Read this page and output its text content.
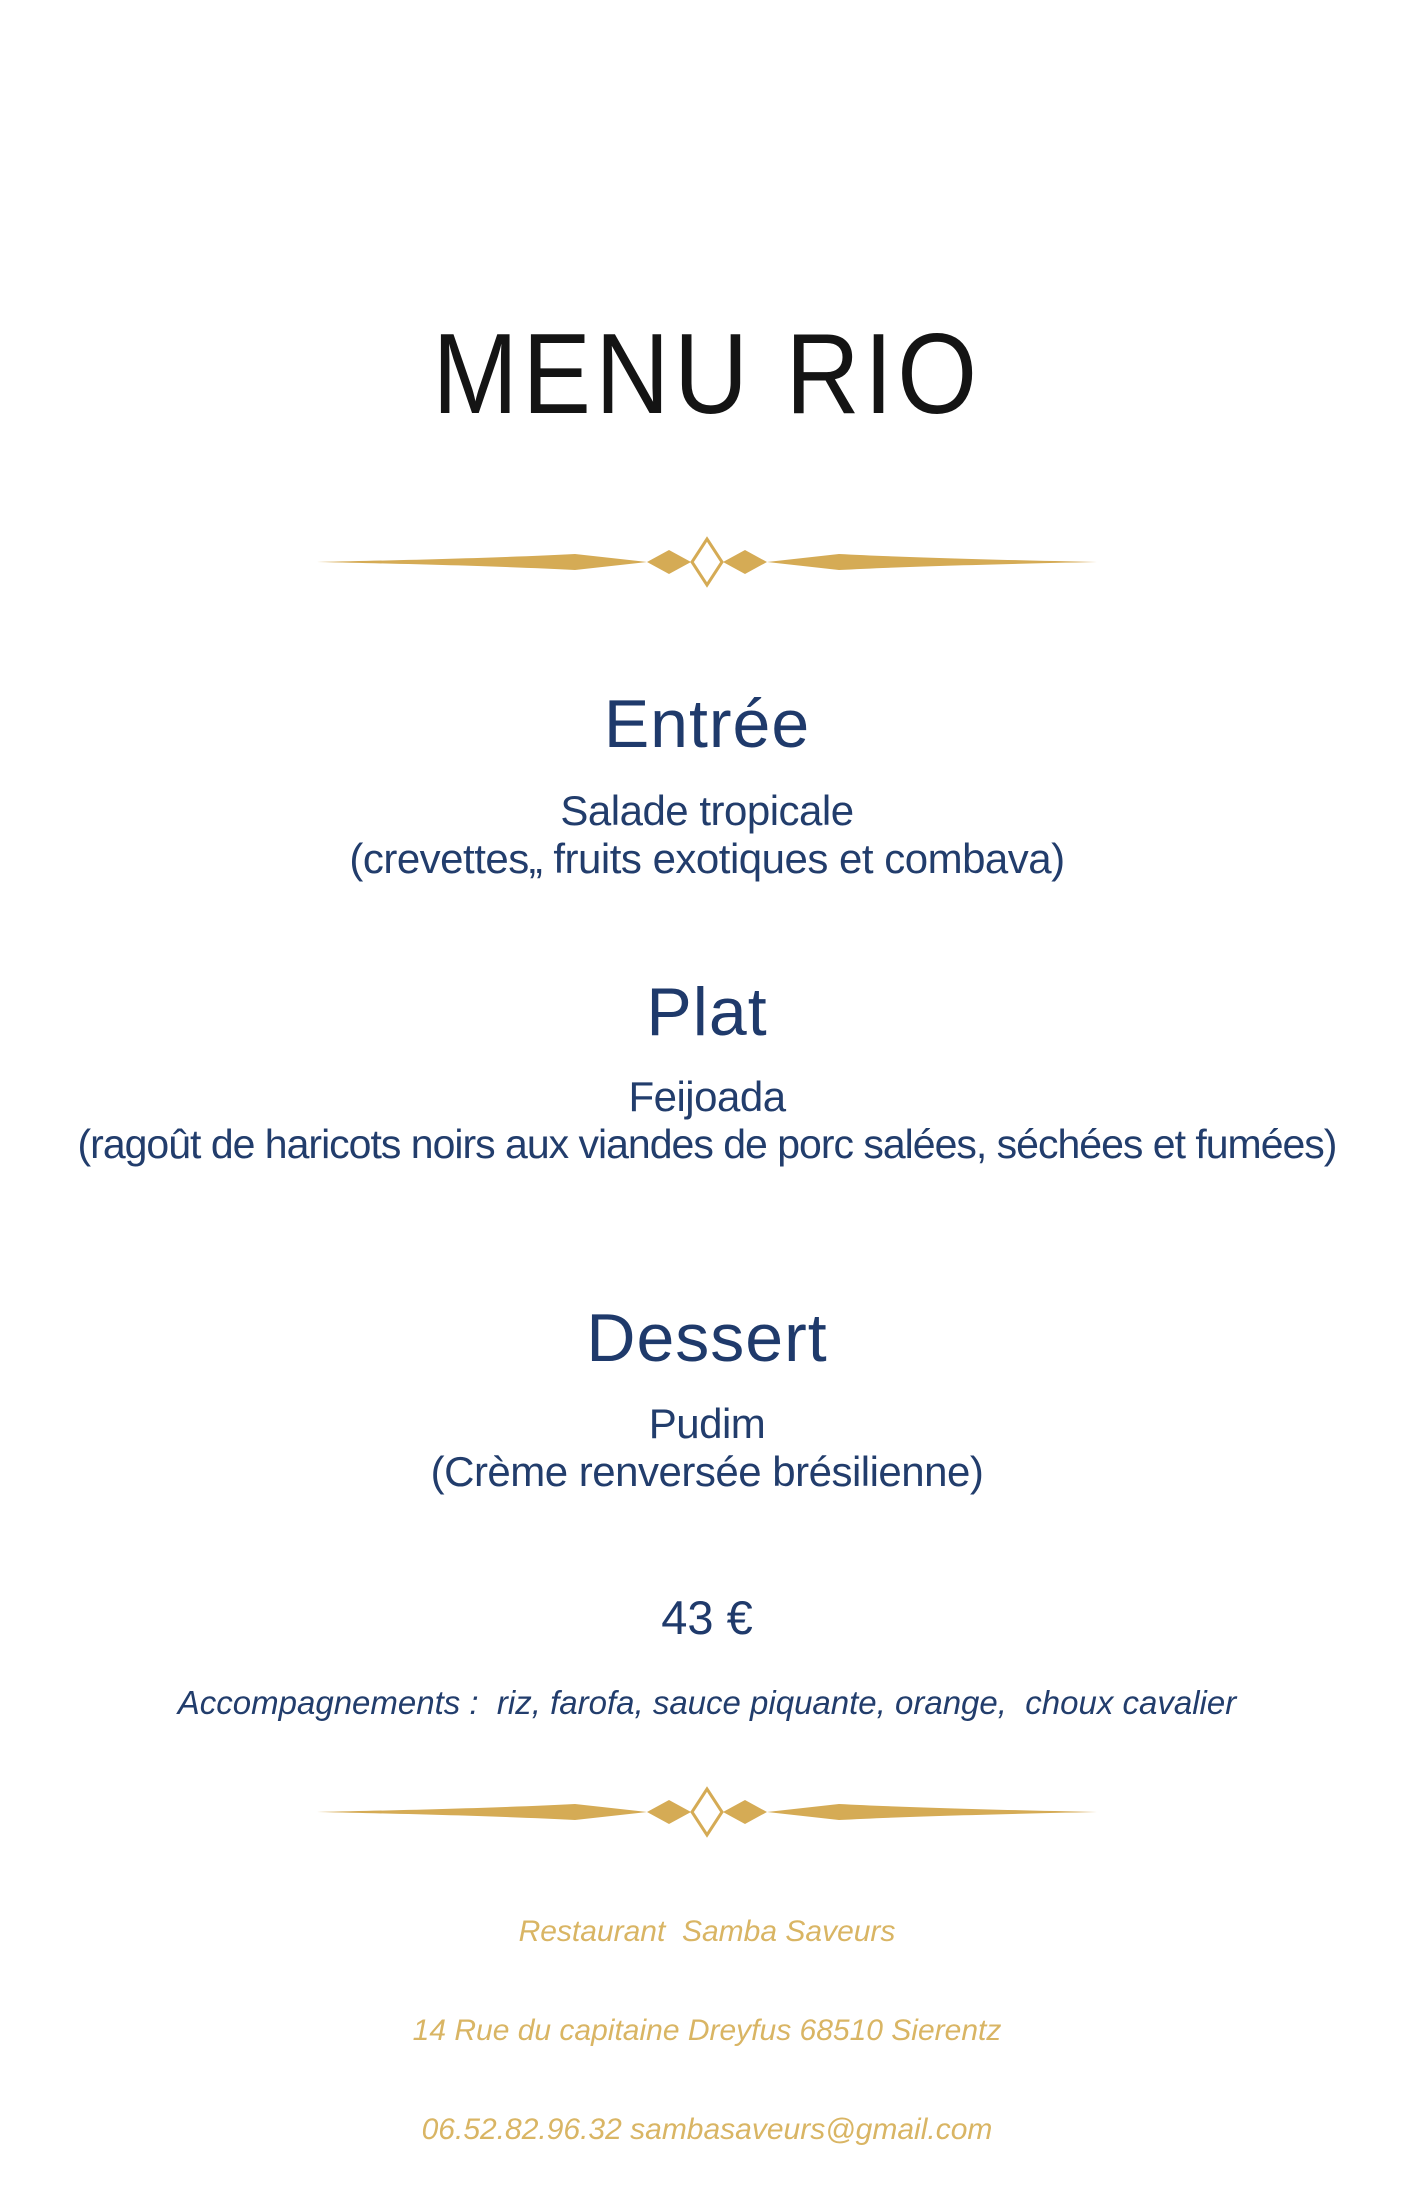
MENU RIO
Entrée
Salade tropicale
(crevettes„ fruits exotiques et combava)
Plat
Feijoada
(ragoût de haricots noirs aux viandes de porc salées, séchées et fumées)
Dessert
Pudim
(Crème renversée brésilienne)
43 €
Accompagnements :  riz, farofa, sauce piquante, orange,  choux cavalier

Restaurant  Samba Saveurs

14 Rue du capitaine Dreyfus 68510 Sierentz

06.52.82.96.32 sambasaveurs@gmail.com
